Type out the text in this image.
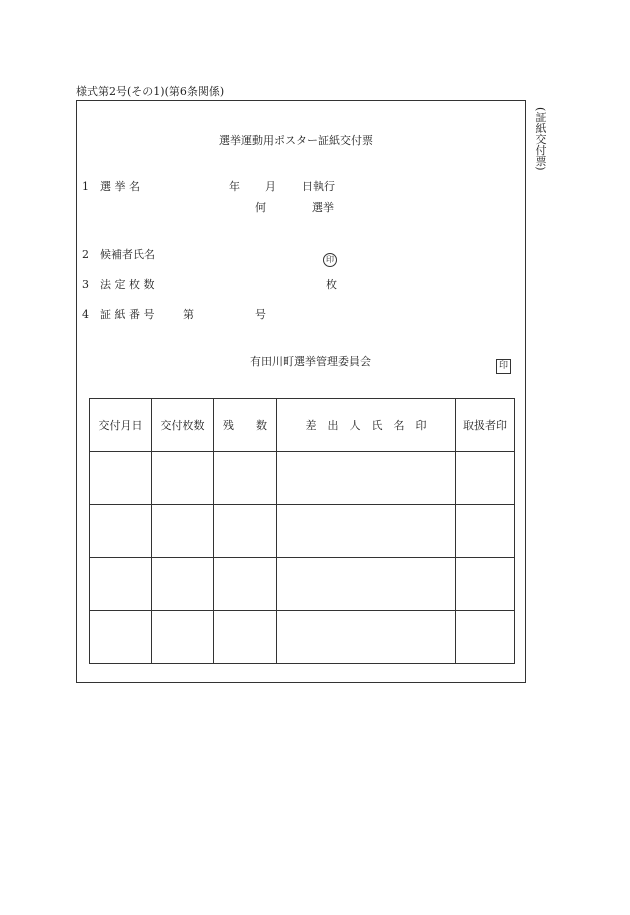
様式第2号(その1)(第6条関係)
(証紙交付票)
選挙運動用ポスター証紙交付票
1 選 挙 名	年 月 日執行
何	選挙
2 候補者氏名	印
3 法 定 枚 数	枚
4 証 紙 番 号	第	号
有田川町選挙管理委員会	印
交付月日	交付枚数	残　　数	差　出　人　氏　名　印	取扱者印
